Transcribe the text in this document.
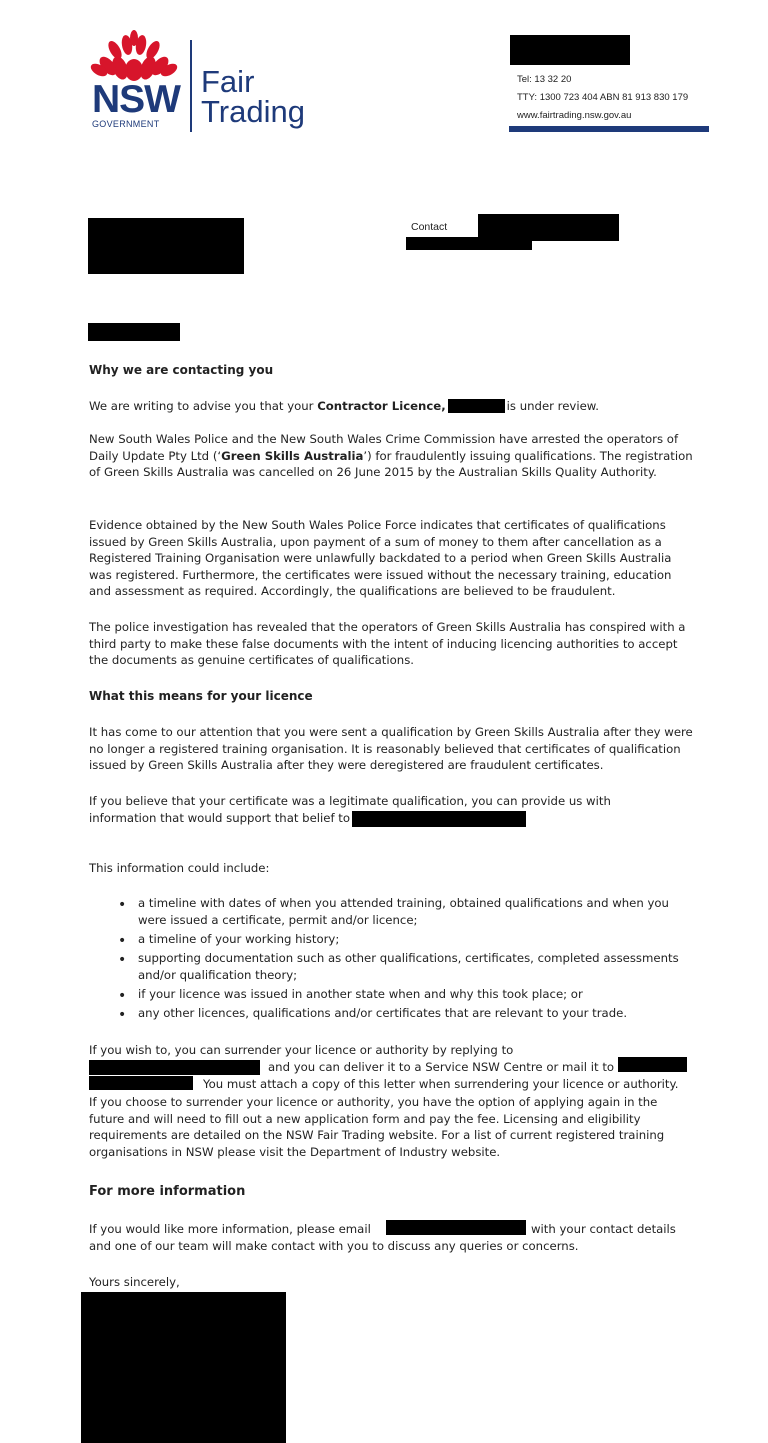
NSW
GOVERNMENT
Fair
Trading
Tel: 13 32 20
TTY: 1300 723 404 ABN 81 913 830 179
www.fairtrading.nsw.gov.au
Contact
Why we are contacting you
We are writing to advise you that your Contractor Licence,	is under review.
New South Wales Police and the New South Wales Crime Commission have arrested the operators of Daily Update Pty Ltd (‘Green Skills Australia’) for fraudulently issuing qualifications. The registration of Green Skills Australia was cancelled on 26 June 2015 by the Australian Skills Quality Authority.
Evidence obtained by the New South Wales Police Force indicates that certificates of qualifications issued by Green Skills Australia, upon payment of a sum of money to them after cancellation as a Registered Training Organisation were unlawfully backdated to a period when Green Skills Australia was registered. Furthermore, the certificates were issued without the necessary training, education and assessment as required. Accordingly, the qualifications are believed to be fraudulent.
The police investigation has revealed that the operators of Green Skills Australia has conspired with a third party to make these false documents with the intent of inducing licencing authorities to accept the documents as genuine certificates of qualifications.
What this means for your licence
It has come to our attention that you were sent a qualification by Green Skills Australia after they were no longer a registered training organisation. It is reasonably believed that certificates of qualification issued by Green Skills Australia after they were deregistered are fraudulent certificates.
If you believe that your certificate was a legitimate qualification, you can provide us with
information that would support that belief to
This information could include:
• a timeline with dates of when you attended training, obtained qualifications and when you were issued a certificate, permit and/or licence;
• a timeline of your working history;
• supporting documentation such as other qualifications, certificates, completed assessments and/or qualification theory;
• if your licence was issued in another state when and why this took place; or
• any other licences, qualifications and/or certificates that are relevant to your trade.
If you wish to, you can surrender your licence or authority by replying to
and you can deliver it to a Service NSW Centre or mail it to
You must attach a copy of this letter when surrendering your licence or authority.
If you choose to surrender your licence or authority, you have the option of applying again in the future and will need to fill out a new application form and pay the fee. Licensing and eligibility requirements are detailed on the NSW Fair Trading website. For a list of current registered training organisations in NSW please visit the Department of Industry website.
For more information
If you would like more information, please email	with your contact details
and one of our team will make contact with you to discuss any queries or concerns.
Yours sincerely,
